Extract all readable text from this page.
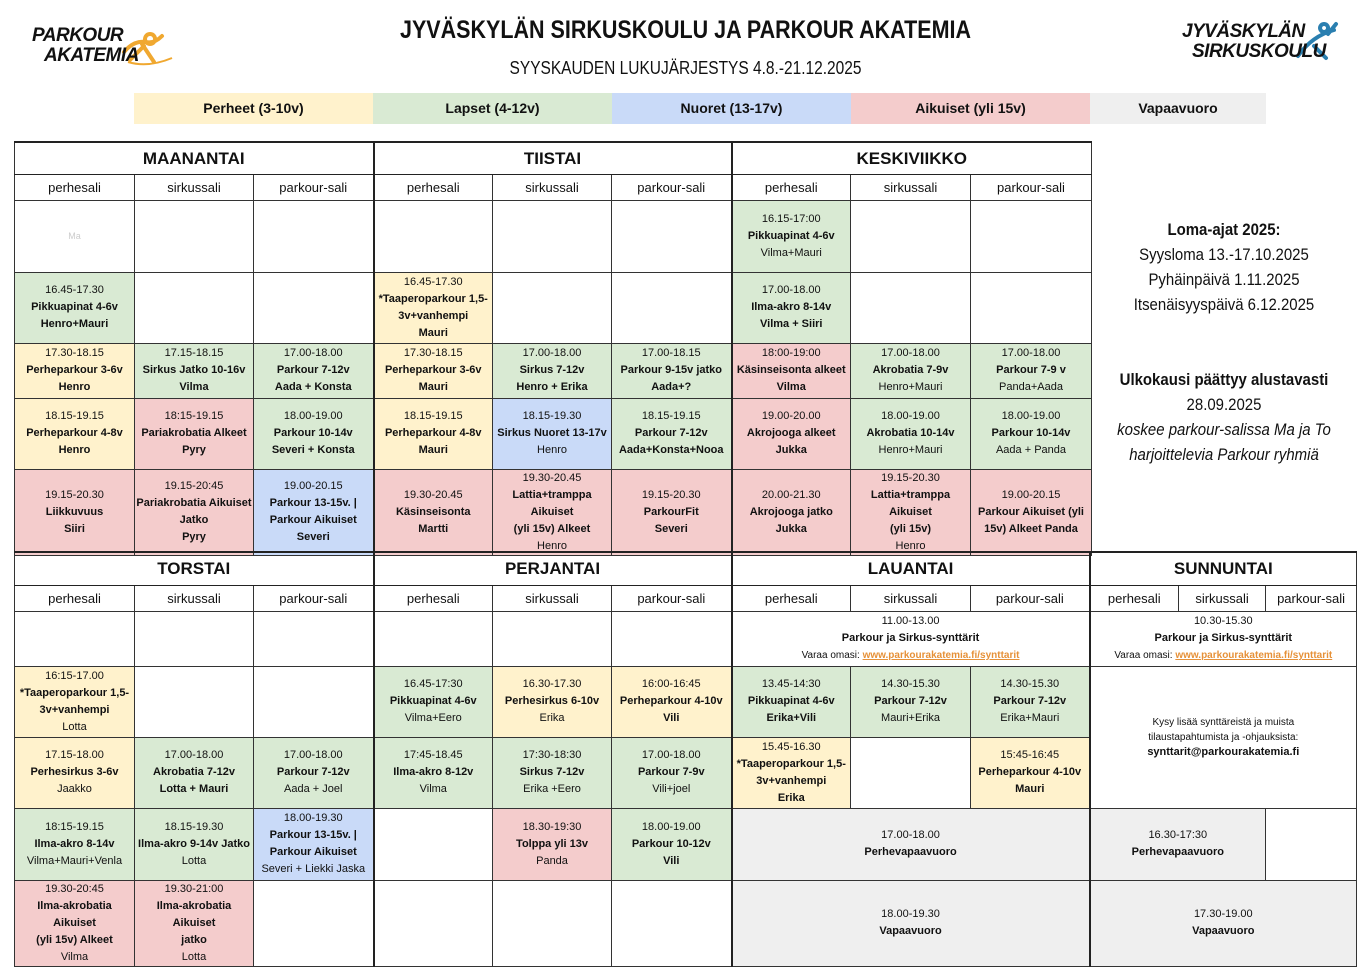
PARKOUR
AKATEMIA
JYVÄSKYLÄN SIRKUSKOULU JA PARKOUR AKATEMIA
SYYSKAUDEN LUKUJÄRJESTYS 4.8.-21.12.2025
JYVÄSKYLÄN
SIRKUSKOULU
Perheet (3-10v)	Lapset (4-12v)	Nuoret (13-17v)	Aikuiset (yli 15v)	Vapaavuoro
MAANANTAI			TIISTAI			KESKIVIIKKO		
perhesali	sirkussali	parkour-sali	perhesali	sirkussali	parkour-sali	perhesali	sirkussali	parkour-sali
Ma						16.15-17:00
Pikkuapinat 4-6v
Vilma+Mauri		

16.45-17.30
Pikkuapinat 4-6v
Henro+Mauri			16.45-17.30
*Taaperoparkour 1,5-3v+vanhempi
Mauri			17.00-18.00
Ilma-akro 8-14v
Vilma + Siiri		

17.30-18.15
Perheparkour 3-6v
Henro	17.15-18.15
Sirkus Jatko 10-16v
Vilma	17.00-18.00
Parkour 7-12v
Aada + Konsta	17.30-18.15
Perheparkour 3-6v
Mauri	17.00-18.00
Sirkus 7-12v
Henro + Erika	17.00-18.15
Parkour 9-15v jatko
Aada+?	18:00-19:00
Käsinseisonta alkeet
Vilma	17.00-18.00
Akrobatia 7-9v
Henro+Mauri	17.00-18.00
Parkour 7-9 v
Panda+Aada

18.15-19.15
Perheparkour 4-8v
Henro	18:15-19.15
Pariakrobatia Alkeet
Pyry	18.00-19.00
Parkour 10-14v
Severi + Konsta	18.15-19.15
Perheparkour 4-8v
Mauri	18.15-19.30
Sirkus Nuoret 13-17v
Henro	18.15-19.15
Parkour 7-12v
Aada+Konsta+Nooa	19.00-20.00
Akrojooga alkeet
Jukka	18.00-19.00
Akrobatia 10-14v
Henro+Mauri	18.00-19.00
Parkour 10-14v
Aada + Panda

19.15-20.30
Liikkuvuus
Siiri	19.15-20:45
Pariakrobatia Aikuiset
Jatko
Pyry	19.00-20.15
Parkour 13-15v. |
Parkour Aikuiset
Severi	19.30-20.45
Käsinseisonta
Martti	19.30-20.45
Lattia+tramppa Aikuiset
(yli 15v) Alkeet
Henro	19.15-20.30
ParkourFit
Severi	20.00-21.30
Akrojooga jatko
Jukka	19.15-20.30
Lattia+tramppa Aikuiset
(yli 15v)
Henro	19.00-20.15
Parkour Aikuiset (yli
15v) Alkeet Panda
Loma-ajat 2025:
Syysloma 13.-17.10.2025
Pyhäinpäivä 1.11.2025
Itsenäisyyspäivä 6.12.2025
Ulkokausi päättyy alustavasti
28.09.2025
koskee parkour-salissa Ma ja To
harjoittelevia Parkour ryhmiä
TORSTAI			PERJANTAI			LAUANTAI			SUNNUNTAI		
perhesali	sirkussali	parkour-sali	perhesali	sirkussali	parkour-sali	perhesali	sirkussali	parkour-sali	perhesali	sirkussali	parkour-sali

						11.00-13.00
Parkour ja Sirkus-synttärit
Varaa omasi: www.parkourakatemia.fi/synttarit			10.30-15.30
Parkour ja Sirkus-synttärit
Varaa omasi: www.parkourakatemia.fi/synttarit		

16:15-17.00
*Taaperoparkour 1,5-
3v+vanhempi
Lotta			16.45-17:30
Pikkuapinat 4-6v
Vilma+Eero	16.30-17.30
Perhesirkus 6-10v
Erika	16:00-16:45
Perheparkour 4-10v
Vili	13.45-14:30
Pikkuapinat 4-6v
Erika+Vili	14.30-15.30
Parkour 7-12v
Mauri+Erika	14.30-15.30
Parkour 7-12v
Erika+Mauri	Kysy lisää synttäreistä ja muista
tilaustapahtumista ja -ohjauksista:
synttarit@parkourakatemia.fi		

17.15-18.00
Perhesirkus 3-6v
Jaakko	17.00-18.00
Akrobatia 7-12v
Lotta + Mauri	17.00-18.00
Parkour 7-12v
Aada + Joel	17:45-18.45
Ilma-akro 8-12v
Vilma	17:30-18:30
Sirkus 7-12v
Erika +Eero	17.00-18.00
Parkour 7-9v
Vili+joel	15.45-16.30
*Taaperoparkour 1,5-
3v+vanhempi
Erika		15:45-16:45
Perheparkour 4-10v
Mauri			

18:15-19.15
Ilma-akro 8-14v
Vilma+Mauri+Venla	18.15-19.30
Ilma-akro 9-14v Jatko
Lotta	18.00-19.30
Parkour 13-15v. |
Parkour Aikuiset
Severi + Liekki Jaska		18.30-19:30
Tolppa yli 13v
Panda	18.00-19.00
Parkour 10-12v
Vili	17.00-18.00
Perhevapaavuoro			16.30-17:30
Perhevapaavuoro		

19.30-20:45
Ilma-akrobatia Aikuiset
(yli 15v) Alkeet
Vilma	19.30-21:00
Ilma-akrobatia Aikuiset
jatko
Lotta					18.00-19.30
Vapaavuoro			17.30-19.00
Vapaavuoro		
